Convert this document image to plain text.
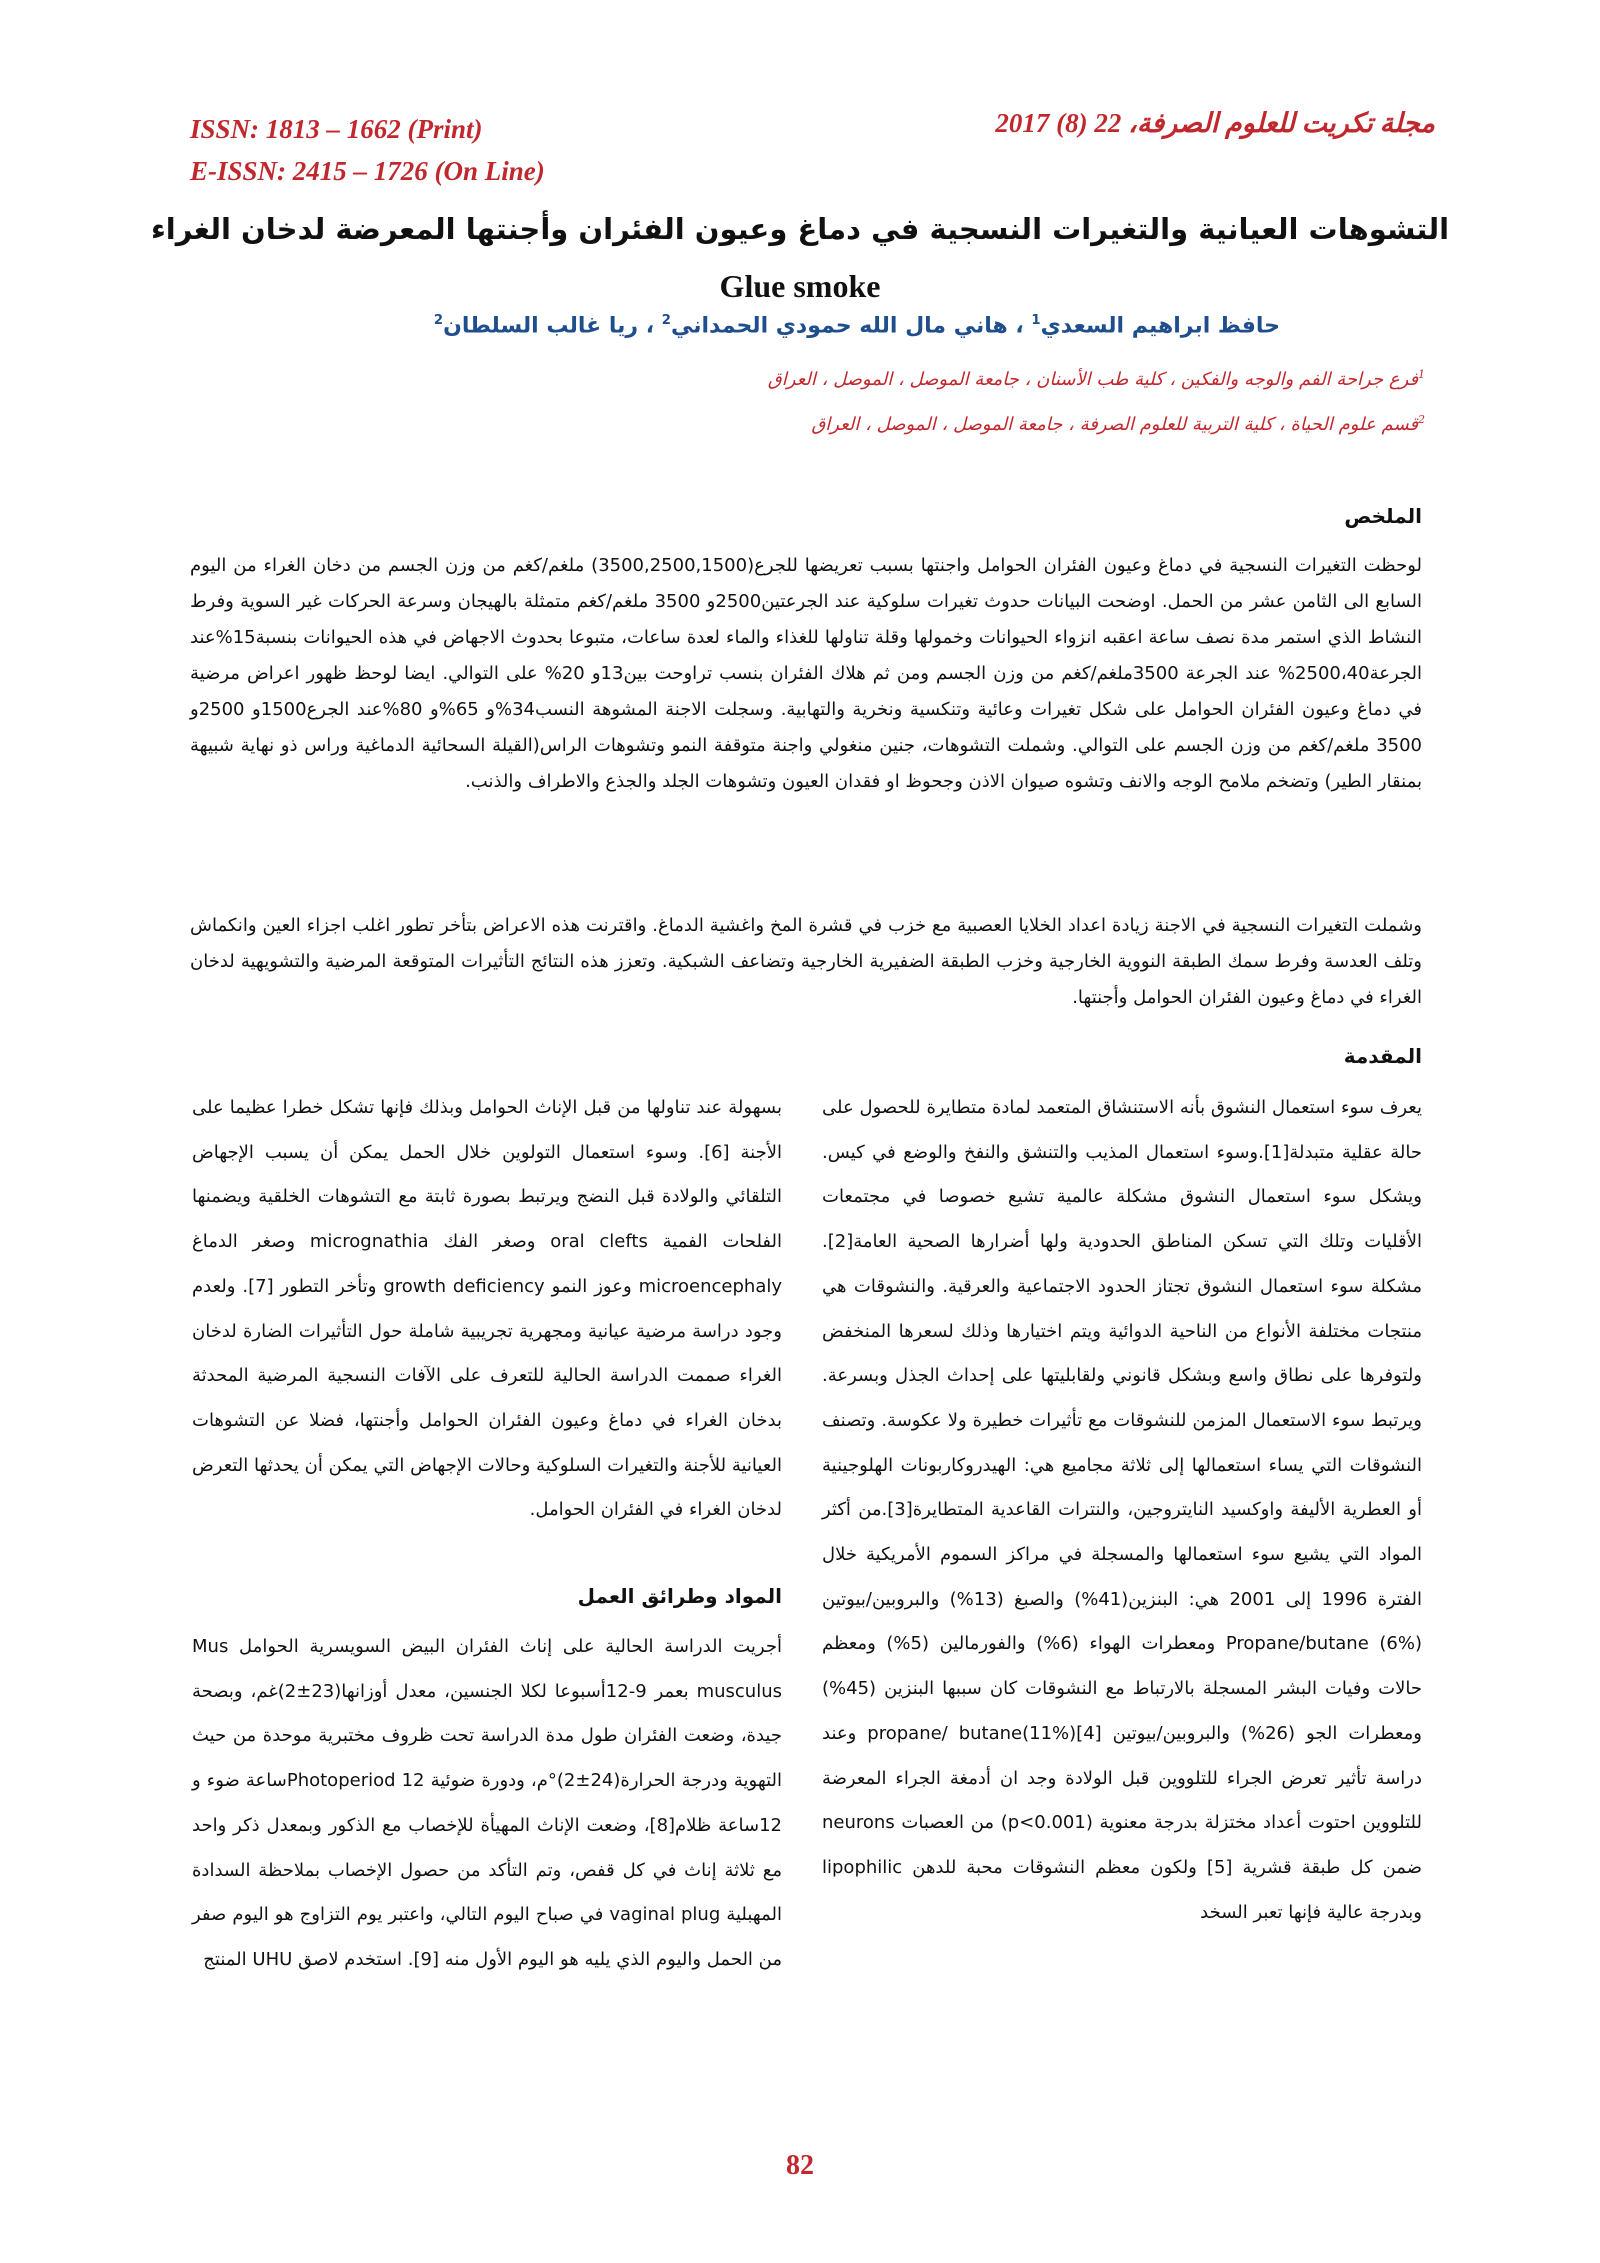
ISSN: 1813 – 1662 (Print)
E-ISSN: 2415 – 1726 (On Line)
مجلة تكريت للعلوم الصرفة، 22 (8) 2017
التشوهات العيانية والتغيرات النسجية في دماغ وعيون الفئران وأجنتها المعرضة لدخان الغراء
Glue smoke
حافظ ابراهيم السعدي$^1$ ، هاني مال الله حمودي الحمداني$^2$ ، ريا غالب السلطان$^2$
$^1$فرع جراحة الفم والوجه والفكين ، كلية طب الأسنان ، جامعة الموصل ، الموصل ، العراق
$^2$قسم علوم الحياة ، كلية التربية للعلوم الصرفة ، جامعة الموصل ، الموصل ، العراق
الملخص

لوحظت التغيرات النسجية في دماغ وعيون الفئران الحوامل واجنتها بسبب تعريضها للجرع(3500,2500,1500) ملغم/كغم من وزن الجسم من دخان الغراء من اليوم السابع الى الثامن عشر من الحمل. اوضحت البيانات حدوث تغيرات سلوكية عند الجرعتين2500و 3500 ملغم/كغم متمثلة بالهيجان وسرعة الحركات غير السوية وفرط النشاط الذي استمر مدة نصف ساعة اعقبه انزواء الحيوانات وخمولها وقلة تناولها للغذاء والماء لعدة ساعات، متبوعا بحدوث الاجهاض في هذه الحيوانات بنسبة15%عند الجرعة2500،40% عند الجرعة 3500ملغم/كغم من وزن الجسم ومن ثم هلاك الفئران بنسب تراوحت بين13و 20% على التوالي. ايضا لوحظ ظهور اعراض مرضية في دماغ وعيون الفئران الحوامل على شكل تغيرات وعائية وتنكسية ونخرية والتهابية. وسجلت الاجنة المشوهة النسب34%و 65%و 80%عند الجرع1500و 2500و 3500 ملغم/كغم من وزن الجسم على التوالي. وشملت التشوهات، جنين منغولي واجنة متوقفة النمو وتشوهات الراس(القيلة السحائية الدماغية وراس ذو نهاية شبيهة بمنقار الطير) وتضخم ملامح الوجه والانف وتشوه صيوان الاذن وجحوظ او فقدان العيون وتشوهات الجلد والجذع والاطراف والذنب.

وشملت التغيرات النسجية في الاجنة زيادة اعداد الخلايا العصبية مع خزب في قشرة المخ واغشية الدماغ. واقترنت هذه الاعراض بتأخر تطور اغلب اجزاء العين وانكماش وتلف العدسة وفرط سمك الطبقة النووية الخارجية وخزب الطبقة الضفيرية الخارجية وتضاعف الشبكية. وتعزز هذه النتائج التأثيرات المتوقعة المرضية والتشويهية لدخان الغراء في دماغ وعيون الفئران الحوامل وأجنتها.

المقدمة

يعرف سوء استعمال النشوق بأنه الاستنشاق المتعمد لمادة متطايرة للحصول على حالة عقلية متبدلة[1].وسوء استعمال المذيب والتنشق والنفخ والوضع في كيس. ويشكل سوء استعمال النشوق مشكلة عالمية تشيع خصوصا في مجتمعات الأقليات وتلك التي تسكن المناطق الحدودية ولها أضرارها الصحية العامة[2]. مشكلة سوء استعمال النشوق تجتاز الحدود الاجتماعية والعرقية. والنشوقات هي منتجات مختلفة الأنواع من الناحية الدوائية ويتم اختيارها وذلك لسعرها المنخفض ولتوفرها على نطاق واسع وبشكل قانوني ولقابليتها على إحداث الجذل وبسرعة. ويرتبط سوء الاستعمال المزمن للنشوقات مع تأثيرات خطيرة ولا عكوسة. وتصنف النشوقات التي يساء استعمالها إلى ثلاثة مجاميع هي: الهيدروكاربونات الهلوجينية أو العطرية الأليفة واوكسيد النايتروجين، والنترات القاعدية المتطايرة[3].من أكثر المواد التي يشيع سوء استعمالها والمسجلة في مراكز السموم الأمريكية خلال الفترة 1996 إلى 2001 هي: البنزين(41%) والصبغ (13%) والبروبين/بيوتين Propane/butane (6%) ومعطرات الهواء (6%) والفورمالين (5%) ومعظم حالات وفيات البشر المسجلة بالارتباط مع النشوقات كان سببها البنزين (45%) ومعطرات الجو (26%) والبروبين/بيوتين propane/ butane(11%)[4] وعند دراسة تأثير تعرض الجراء للتلووين قبل الولادة وجد ان أدمغة الجراء المعرضة للتلووين احتوت أعداد مختزلة بدرجة معنوية (p<0.001) من العصبات neurons ضمن كل طبقة قشرية [5] ولكون معظم النشوقات محبة للدهن lipophilic وبدرجة عالية فإنها تعبر السخد

بسهولة عند تناولها من قبل الإناث الحوامل وبذلك فإنها تشكل خطرا عظيما على الأجنة [6]. وسوء استعمال التولوين خلال الحمل يمكن أن يسبب الإجهاض التلقائي والولادة قبل النضج ويرتبط بصورة ثابتة مع التشوهات الخلقية ويضمنها الفلحات الفمية oral clefts وصغر الفك micrognathia وصغر الدماغ microencephaly وعوز النمو growth deficiency وتأخر التطور [7]. ولعدم وجود دراسة مرضية عيانية ومجهرية تجريبية شاملة حول التأثيرات الضارة لدخان الغراء صممت الدراسة الحالية للتعرف على الآفات النسجية المرضية المحدثة بدخان الغراء في دماغ وعيون الفئران الحوامل وأجنتها، فضلا عن التشوهات العيانية للأجنة والتغيرات السلوكية وحالات الإجهاض التي يمكن أن يحدثها التعرض لدخان الغراء في الفئران الحوامل.

المواد وطرائق العمل

أجريت الدراسة الحالية على إناث الفئران البيض السويسرية الحوامل Mus musculus بعمر 9-12أسبوعا لكلا الجنسين، معدل أوزانها(23±2)غم، وبصحة جيدة، وضعت الفئران طول مدة الدراسة تحت ظروف مختبرية موحدة من حيث التهوية ودرجة الحرارة(24±2)°م، ودورة ضوئية Photoperiod 12ساعة ضوء و 12ساعة ظلام[8]، وضعت الإناث المهيأة للإخصاب مع الذكور وبمعدل ذكر واحد مع ثلاثة إناث في كل قفص، وتم التأكد من حصول الإخصاب بملاحظة السدادة المهبلية vaginal plug في صباح اليوم التالي، واعتبر يوم التزاوج هو اليوم صفر من الحمل واليوم الذي يليه هو اليوم الأول منه [9]. استخدم لاصق UHU المنتج

82
